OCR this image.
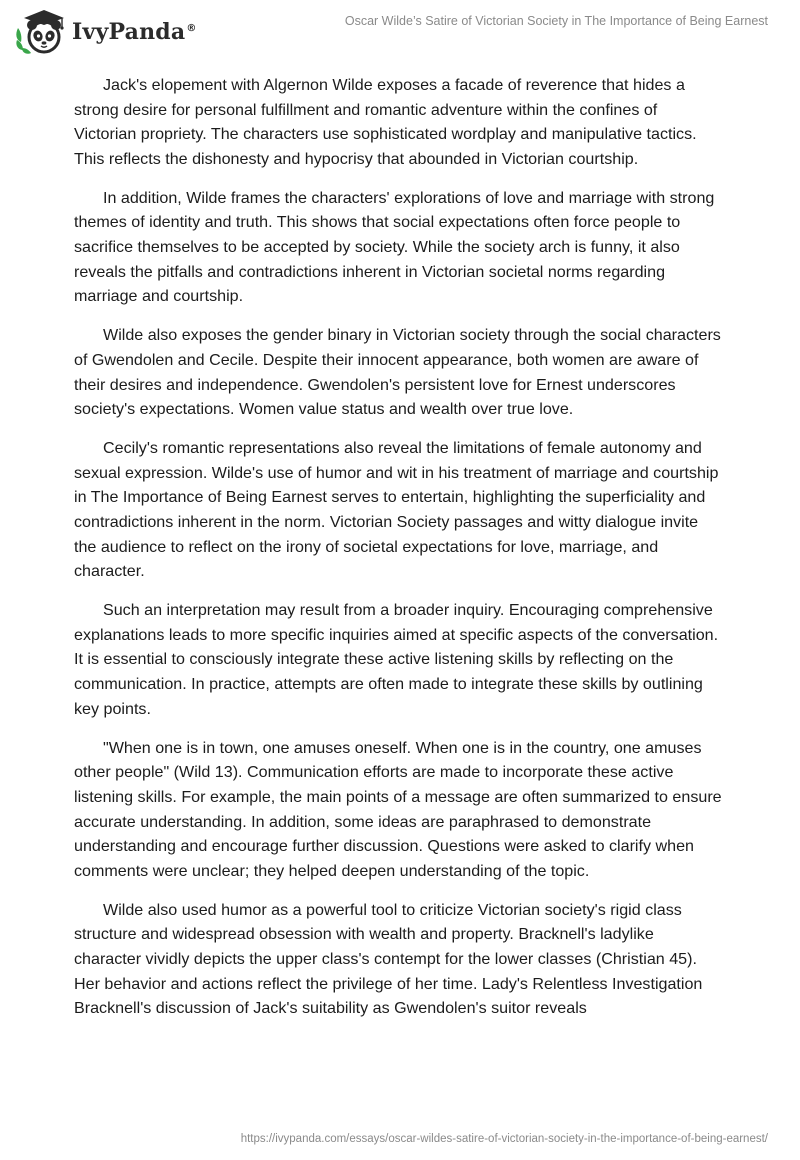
IvyPanda®
Oscar Wilde’s Satire of Victorian Society in The Importance of Being Earnest

Jack's elopement with Algernon Wilde exposes a facade of reverence that hides a strong desire for personal fulfillment and romantic adventure within the confines of Victorian propriety. The characters use sophisticated wordplay and manipulative tactics. This reflects the dishonesty and hypocrisy that abounded in Victorian courtship.

In addition, Wilde frames the characters' explorations of love and marriage with strong themes of identity and truth. This shows that social expectations often force people to sacrifice themselves to be accepted by society. While the society arch is funny, it also reveals the pitfalls and contradictions inherent in Victorian societal norms regarding marriage and courtship.

Wilde also exposes the gender binary in Victorian society through the social characters of Gwendolen and Cecile. Despite their innocent appearance, both women are aware of their desires and independence. Gwendolen's persistent love for Ernest underscores society's expectations. Women value status and wealth over true love.

Cecily's romantic representations also reveal the limitations of female autonomy and sexual expression. Wilde's use of humor and wit in his treatment of marriage and courtship in The Importance of Being Earnest serves to entertain, highlighting the superficiality and contradictions inherent in the norm. Victorian Society passages and witty dialogue invite the audience to reflect on the irony of societal expectations for love, marriage, and character.

Such an interpretation may result from a broader inquiry. Encouraging comprehensive explanations leads to more specific inquiries aimed at specific aspects of the conversation. It is essential to consciously integrate these active listening skills by reflecting on the communication. In practice, attempts are often made to integrate these skills by outlining key points.

"When one is in town, one amuses oneself. When one is in the country, one amuses other people" (Wild 13). Communication efforts are made to incorporate these active listening skills. For example, the main points of a message are often summarized to ensure accurate understanding. In addition, some ideas are paraphrased to demonstrate understanding and encourage further discussion. Questions were asked to clarify when comments were unclear; they helped deepen understanding of the topic.

Wilde also used humor as a powerful tool to criticize Victorian society's rigid class structure and widespread obsession with wealth and property. Bracknell's ladylike character vividly depicts the upper class's contempt for the lower classes (Christian 45). Her behavior and actions reflect the privilege of her time. Lady's Relentless Investigation Bracknell's discussion of Jack's suitability as Gwendolen's suitor reveals

https://ivypanda.com/essays/oscar-wildes-satire-of-victorian-society-in-the-importance-of-being-earnest/
